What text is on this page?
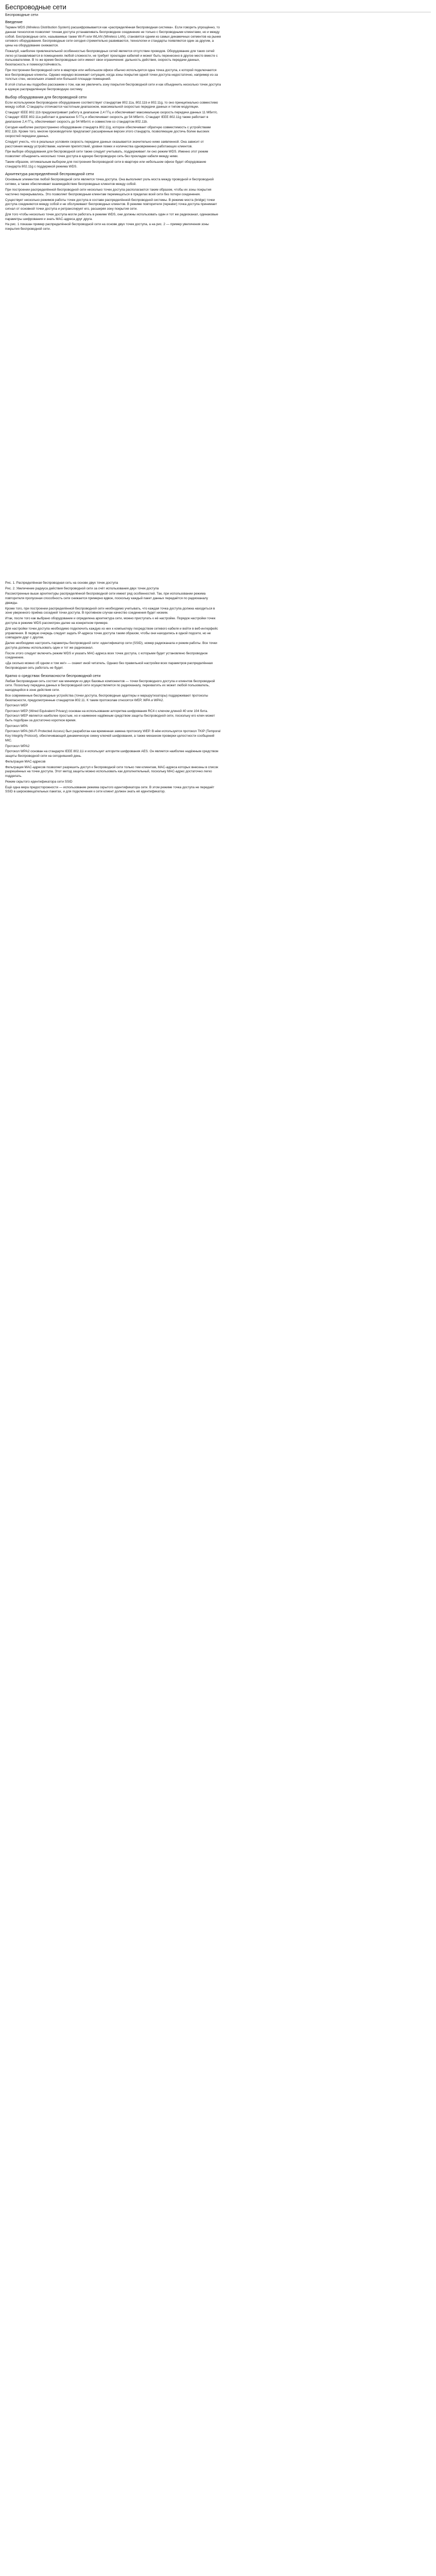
Беспроводные сети
Беспроводные сети
Введение
Термин WDS (Wireless Distribution System) расшифровывается как «распределённая беспроводная система». Если говорить упрощённо, то данная технология позволяет точкам доступа устанавливать беспроводное соединение не только с беспроводными клиентами, но и между собой. Беспроводные сети, называемые также Wi-Fi или WLAN (Wireless LAN), становятся одним из самых динамичных сегментов на рынке сетевого оборудования. Беспроводные сети сегодня стремительно развиваются, технологии и стандарты появляются один за другим, а цены на оборудование снижаются.
Пожалуй, наиболее привлекательной особенностью беспроводных сетей является отсутствие проводов. Оборудование для таких сетей легко устанавливается в помещениях любой сложности, не требует прокладки кабелей и может быть перенесено в другое место вместе с пользователями. В то же время беспроводные сети имеют свои ограничения: дальность действия, скорость передачи данных, безопасность и помехоустойчивость.
При построении беспроводной сети в квартире или небольшом офисе обычно используется одна точка доступа, к которой подключаются все беспроводные клиенты. Однако нередко возникает ситуация, когда зоны покрытия одной точки доступа недостаточно, например из-за толстых стен, нескольких этажей или большой площади помещений.
В этой статье мы подробно расскажем о том, как же увеличить зону покрытия беспроводной сети и как объединить несколько точек доступа в единую распределённую беспроводную систему.
Выбор оборудования для беспроводной сети
Если используемое беспроводное оборудование соответствует стандартам 802.11a, 802.11b и 802.11g, то оно принципиально совместимо между собой. Стандарты отличаются частотным диапазоном, максимальной скоростью передачи данных и типом модуляции.
Стандарт IEEE 802.11b предусматривает работу в диапазоне 2,4 ГГц и обеспечивает максимальную скорость передачи данных 11 Мбит/с. Стандарт IEEE 802.11a работает в диапазоне 5 ГГц и обеспечивает скорость до 54 Мбит/с. Стандарт IEEE 802.11g также работает в диапазоне 2,4 ГГц, обеспечивает скорость до 54 Мбит/с и совместим со стандартом 802.11b.
Сегодня наиболее распространено оборудование стандарта 802.11g, которое обеспечивает обратную совместимость с устройствами 802.11b. Кроме того, многие производители предлагают расширенные версии этого стандарта, позволяющие достичь более высоких скоростей передачи данных.
Следует учесть, что в реальных условиях скорость передачи данных оказывается значительно ниже заявленной. Она зависит от расстояния между устройствами, наличия препятствий, уровня помех и количества одновременно работающих клиентов.
При выборе оборудования для беспроводной сети также следует учитывать, поддерживает ли оно режим WDS. Именно этот режим позволяет объединить несколько точек доступа в единую беспроводную сеть без прокладки кабеля между ними.
Таким образом, оптимальным выбором для построения беспроводной сети в квартире или небольшом офисе будет оборудование стандарта 802.11g с поддержкой режима WDS.
Архитектура распределённой беспроводной сети
Основным элементом любой беспроводной сети является точка доступа. Она выполняет роль моста между проводной и беспроводной сетями, а также обеспечивает взаимодействие беспроводных клиентов между собой.
При построении распределённой беспроводной сети несколько точек доступа располагаются таким образом, чтобы их зоны покрытия частично перекрывались. Это позволяет беспроводным клиентам перемещаться в пределах всей сети без потери соединения.
Существует несколько режимов работы точек доступа в составе распределённой беспроводной системы. В режиме моста (bridge) точки доступа соединяются между собой и не обслуживают беспроводных клиентов. В режиме повторителя (repeater) точка доступа принимает сигнал от основной точки доступа и ретранслирует его, расширяя зону покрытия сети.
Для того чтобы несколько точек доступа могли работать в режиме WDS, они должны использовать один и тот же радиоканал, одинаковые параметры шифрования и знать MAC-адреса друг друга.
На рис. 1 показан пример распределённой беспроводной сети на основе двух точек доступа, а на рис. 2 — пример увеличения зоны покрытия беспроводной сети.
Рис. 1. Распределённая беспроводная сеть на основе двух точек доступа
Рис. 2. Увеличение радиуса действия беспроводной сети за счёт использования двух точек доступа
Рассмотренные выше архитектуры распределённой беспроводной сети имеют ряд особенностей. Так, при использовании режима повторителя пропускная способность сети снижается примерно вдвое, поскольку каждый пакет данных передаётся по радиоканалу дважды.
Кроме того, при построении распределённой беспроводной сети необходимо учитывать, что каждая точка доступа должна находиться в зоне уверенного приёма соседней точки доступа. В противном случае качество соединения будет низким.
Итак, после того как выбрано оборудование и определена архитектура сети, можно приступать к её настройке. Порядок настройки точек доступа в режиме WDS рассмотрен далее на конкретном примере.
Для настройки точек доступа необходимо подключить каждую из них к компьютеру посредством сетевого кабеля и войти в веб-интерфейс управления. В первую очередь следует задать IP-адреса точек доступа таким образом, чтобы они находились в одной подсети, но не совпадали друг с другом.
Далее необходимо настроить параметры беспроводной сети: идентификатор сети (SSID), номер радиоканала и режим работы. Все точки доступа должны использовать один и тот же радиоканал.
После этого следует включить режим WDS и указать MAC-адреса всех точек доступа, с которыми будет установлено беспроводное соединение.
«Да сколько можно об одном и том же!» — скажет иной читатель. Однако без правильной настройки всех параметров распределённая беспроводная сеть работать не будет.
Кратко о средствах безопасности беспроводной сети
Любая беспроводная сеть состоит как минимум из двух базовых компонентов — точки беспроводного доступа и клиентов беспроводной сети. Поскольку передача данных в беспроводной сети осуществляется по радиоканалу, перехватить их может любой пользователь, находящийся в зоне действия сети.
Все современные беспроводные устройства (точки доступа, беспроводные адаптеры и маршрутизаторы) поддерживают протоколы безопасности, предусмотренные стандартом 802.11. К таким протоколам относятся WEP, WPA и WPA2.
Протокол WEP
Протокол WEP (Wired Equivalent Privacy) основан на использовании алгоритма шифрования RC4 с ключом длиной 40 или 104 бита. Протокол WEP является наиболее простым, но и наименее надёжным средством защиты беспроводной сети, поскольку его ключ может быть подобран за достаточно короткое время.
Протокол WPA
Протокол WPA (Wi-Fi Protected Access) был разработан как временная замена протоколу WEP. В нём используется протокол TKIP (Temporal Key Integrity Protocol), обеспечивающий динамическую смену ключей шифрования, а также механизм проверки целостности сообщений MIC.
Протокол WPA2
Протокол WPA2 основан на стандарте IEEE 802.11i и использует алгоритм шифрования AES. Он является наиболее надёжным средством защиты беспроводной сети на сегодняшний день.
Фильтрация MAC-адресов
Фильтрация MAC-адресов позволяет разрешить доступ к беспроводной сети только тем клиентам, MAC-адреса которых внесены в список разрешённых на точке доступа. Этот метод защиты можно использовать как дополнительный, поскольку MAC-адрес достаточно легко подделать.
Режим скрытого идентификатора сети SSID
Ещё одна мера предосторожности — использование режима скрытого идентификатора сети. В этом режиме точка доступа не передаёт SSID в широковещательных пакетах, и для подключения к сети клиент должен знать её идентификатор.
